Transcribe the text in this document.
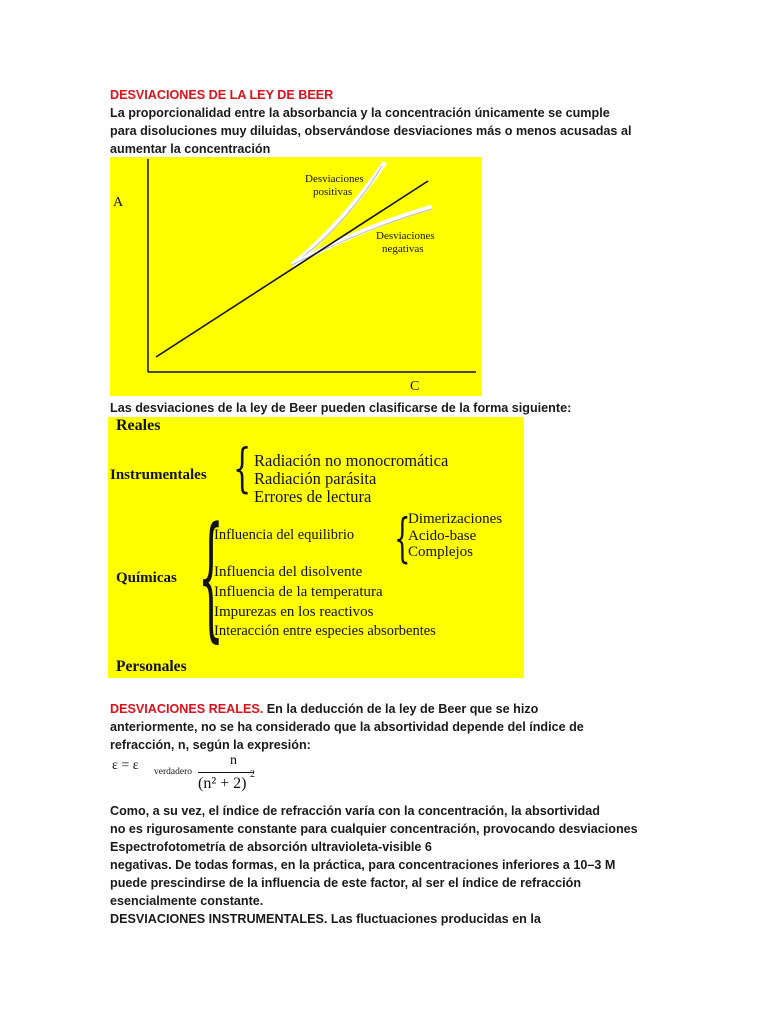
DESVIACIONES DE LA LEY DE BEER
La proporcionalidad entre la absorbancia y la concentración únicamente se cumple
para disoluciones muy diluidas, observándose desviaciones más o menos acusadas al
aumentar la concentración
A
C
Desviaciones
positivas
Desviaciones
negativas
Las desviaciones de la ley de Beer pueden clasificarse de la forma siguiente:
Reales
Instrumentales { Radiación no monocromática
Radiación parásita
Errores de lectura
{
Químicas
Influencia del equilibrio {
Dimerizaciones
Acido-base
Complejos
Influencia del disolvente
Influencia de la temperatura
Impurezas en los reactivos
Interacción entre especies absorbentes
Personales
DESVIACIONES REALES. En la deducción de la ley de Beer que se hizo
anteriormente, no se ha considerado que la absortividad depende del índice de
refracción, n, según la expresión:
ε = ε verdadero
n
(n² + 2)
2
Como, a su vez, el índice de refracción varía con la concentración, la absortividad
no es rigurosamente constante para cualquier concentración, provocando desviaciones
Espectrofotometría de absorción ultravioleta-visible 6
negativas. De todas formas, en la práctica, para concentraciones inferiores a 10–3 M
puede prescindirse de la influencia de este factor, al ser el índice de refracción
esencialmente constante.
DESVIACIONES INSTRUMENTALES. Las fluctuaciones producidas en la
